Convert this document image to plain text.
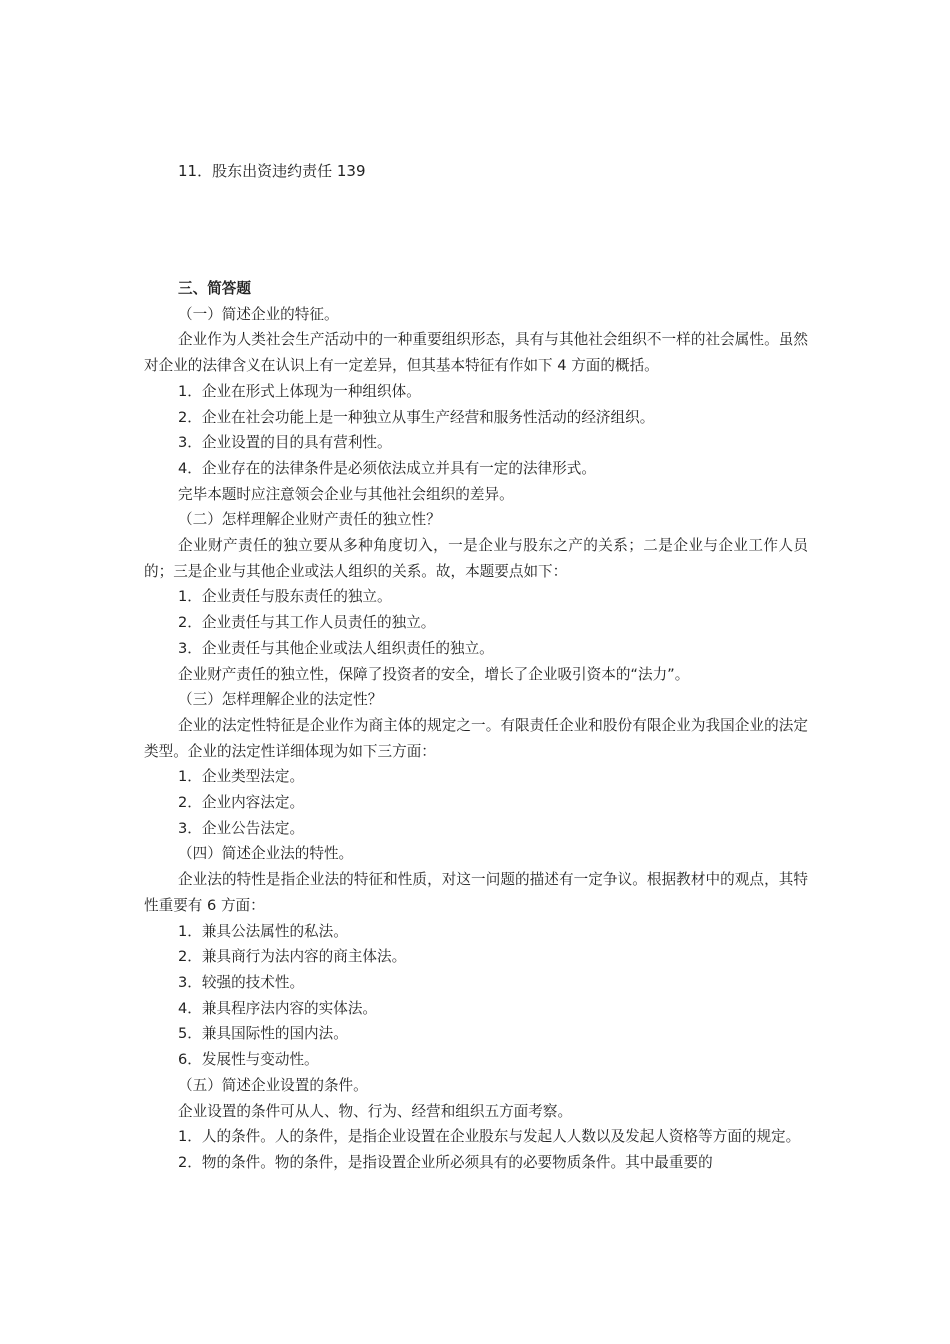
11．股东出资违约责任 139

三、简答题

（一）简述企业的特征。

企业作为人类社会生产活动中的一种重要组织形态，具有与其他社会组织不一样的社会属性。虽然对企业的法律含义在认识上有一定差异，但其基本特征有作如下 4 方面的概括。

1．企业在形式上体现为一种组织体。

2．企业在社会功能上是一种独立从事生产经营和服务性活动的经济组织。

3．企业设置的目的具有营利性。

4．企业存在的法律条件是必须依法成立并具有一定的法律形式。

完毕本题时应注意领会企业与其他社会组织的差异。

（二）怎样理解企业财产责任的独立性？

企业财产责任的独立要从多种角度切入，一是企业与股东之产的关系；二是企业与企业工作人员的；三是企业与其他企业或法人组织的关系。故，本题要点如下：

1．企业责任与股东责任的独立。

2．企业责任与其工作人员责任的独立。

3．企业责任与其他企业或法人组织责任的独立。

企业财产责任的独立性，保障了投资者的安全，增长了企业吸引资本的“法力”。

（三）怎样理解企业的法定性？

企业的法定性特征是企业作为商主体的规定之一。有限责任企业和股份有限企业为我国企业的法定类型。企业的法定性详细体现为如下三方面：

1．企业类型法定。

2．企业内容法定。

3．企业公告法定。

（四）简述企业法的特性。

企业法的特性是指企业法的特征和性质，对这一问题的描述有一定争议。根据教材中的观点，其特性重要有 6 方面：

1．兼具公法属性的私法。

2．兼具商行为法内容的商主体法。

3．较强的技术性。

4．兼具程序法内容的实体法。

5．兼具国际性的国内法。

6．发展性与变动性。

（五）简述企业设置的条件。

企业设置的条件可从人、物、行为、经营和组织五方面考察。

1．人的条件。人的条件，是指企业设置在企业股东与发起人人数以及发起人资格等方面的规定。

2．物的条件。物的条件，是指设置企业所必须具有的必要物质条件。其中最重要的
